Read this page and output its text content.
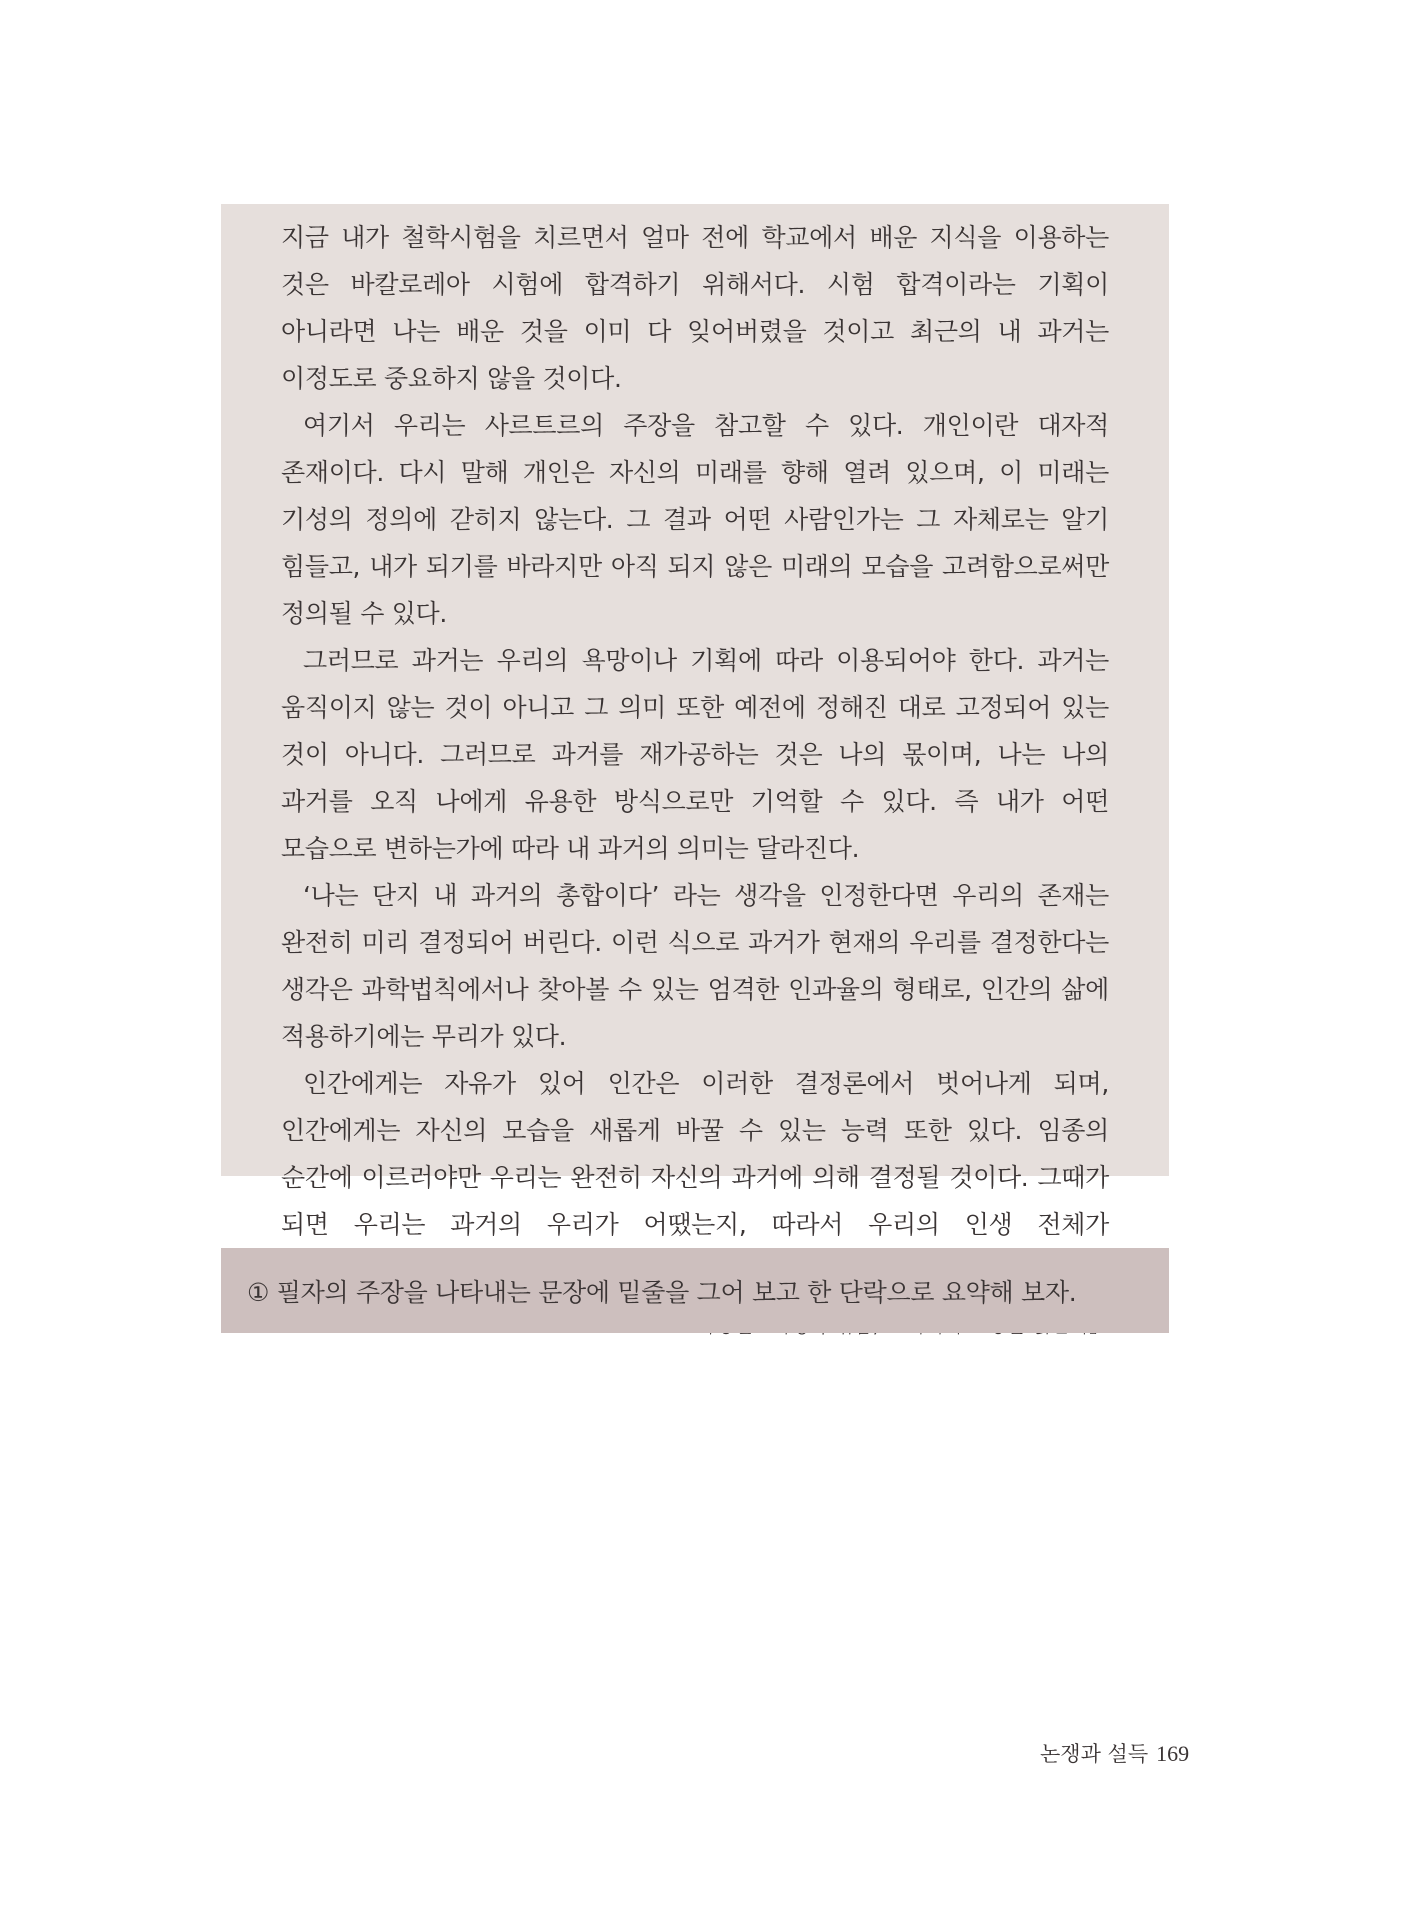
지금 내가 철학시험을 치르면서 얼마 전에 학교에서 배운 지식을 이용하는 것은 바칼로레아 시험에 합격하기 위해서다. 시험 합격이라는 기획이 아니라면 나는 배운 것을 이미 다 잊어버렸을 것이고 최근의 내 과거는 이정도로 중요하지 않을 것이다.

여기서 우리는 사르트르의 주장을 참고할 수 있다. 개인이란 대자적 존재이다. 다시 말해 개인은 자신의 미래를 향해 열려 있으며, 이 미래는 기성의 정의에 갇히지 않는다. 그 결과 어떤 사람인가는 그 자체로는 알기 힘들고, 내가 되기를 바라지만 아직 되지 않은 미래의 모습을 고려함으로써만 정의될 수 있다.

그러므로 과거는 우리의 욕망이나 기획에 따라 이용되어야 한다. 과거는 움직이지 않는 것이 아니고 그 의미 또한 예전에 정해진 대로 고정되어 있는 것이 아니다. 그러므로 과거를 재가공하는 것은 나의 몫이며, 나는 나의 과거를 오직 나에게 유용한 방식으로만 기억할 수 있다. 즉 내가 어떤 모습으로 변하는가에 따라 내 과거의 의미는 달라진다.

‘나는 단지 내 과거의 총합이다’ 라는 생각을 인정한다면 우리의 존재는 완전히 미리 결정되어 버린다. 이런 식으로 과거가 현재의 우리를 결정한다는 생각은 과학법칙에서나 찾아볼 수 있는 엄격한 인과율의 형태로, 인간의 삶에 적용하기에는 무리가 있다.

인간에게는 자유가 있어 인간은 이러한 결정론에서 벗어나게 되며, 인간에게는 자신의 모습을 새롭게 바꿀 수 있는 능력 또한 있다. 임종의 순간에 이르러야만 우리는 완전히 자신의 과거에 의해 결정될 것이다. 그때가 되면 우리는 과거의 우리가 어땠는지, 따라서 우리의 인생 전체가

① 필자의 주장을 나타내는 문장에 밑줄을 그어 보고 한 단락으로 요약해 보자.
논쟁과 설득 169
